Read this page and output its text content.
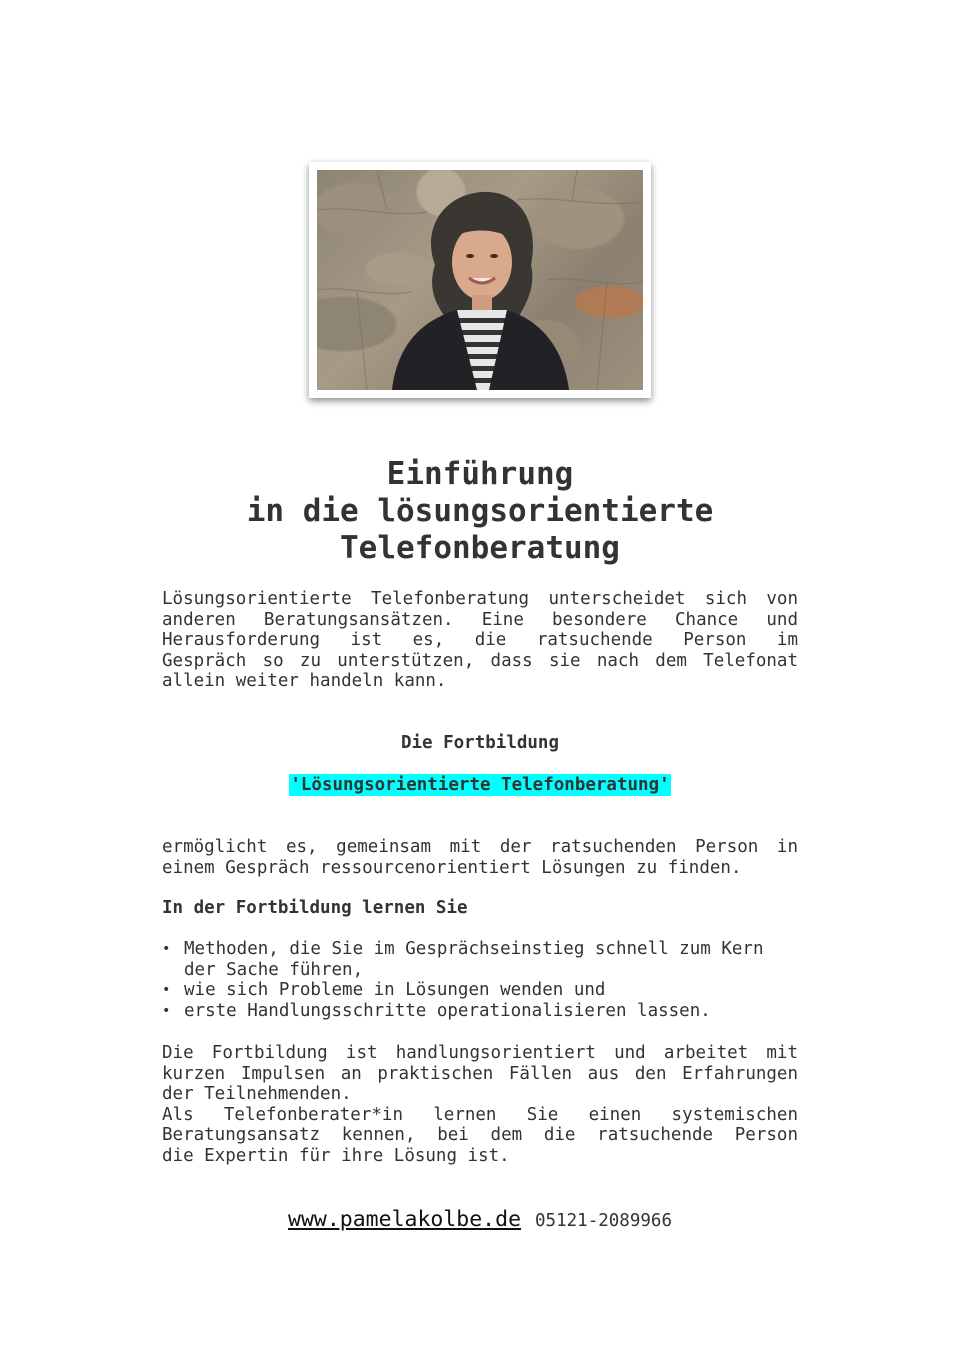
Einführung
in die lösungsorientierte
Telefonberatung

Lösungsorientierte Telefonberatung unterscheidet sich von
anderen Beratungsansätzen. Eine besondere Chance und
Herausforderung ist es, die ratsuchende Person im
Gespräch so zu unterstützen, dass sie nach dem Telefonat
allein weiter handeln kann.

Die Fortbildung

'Lösungsorientierte Telefonberatung'

ermöglicht es, gemeinsam mit der ratsuchenden Person in
einem Gespräch ressourcenorientiert Lösungen zu finden.

In der Fortbildung lernen Sie

• Methoden, die Sie im Gesprächseinstieg schnell zum Kern
der Sache führen,
• wie sich Probleme in Lösungen wenden und
• erste Handlungsschritte operationalisieren lassen.

Die Fortbildung ist handlungsorientiert und arbeitet mit
kurzen Impulsen an praktischen Fällen aus den Erfahrungen
der Teilnehmenden.
Als Telefonberater*in lernen Sie einen systemischen
Beratungsansatz kennen, bei dem die ratsuchende Person
die Expertin für ihre Lösung ist.

www.pamelakolbe.de 05121-2089966
